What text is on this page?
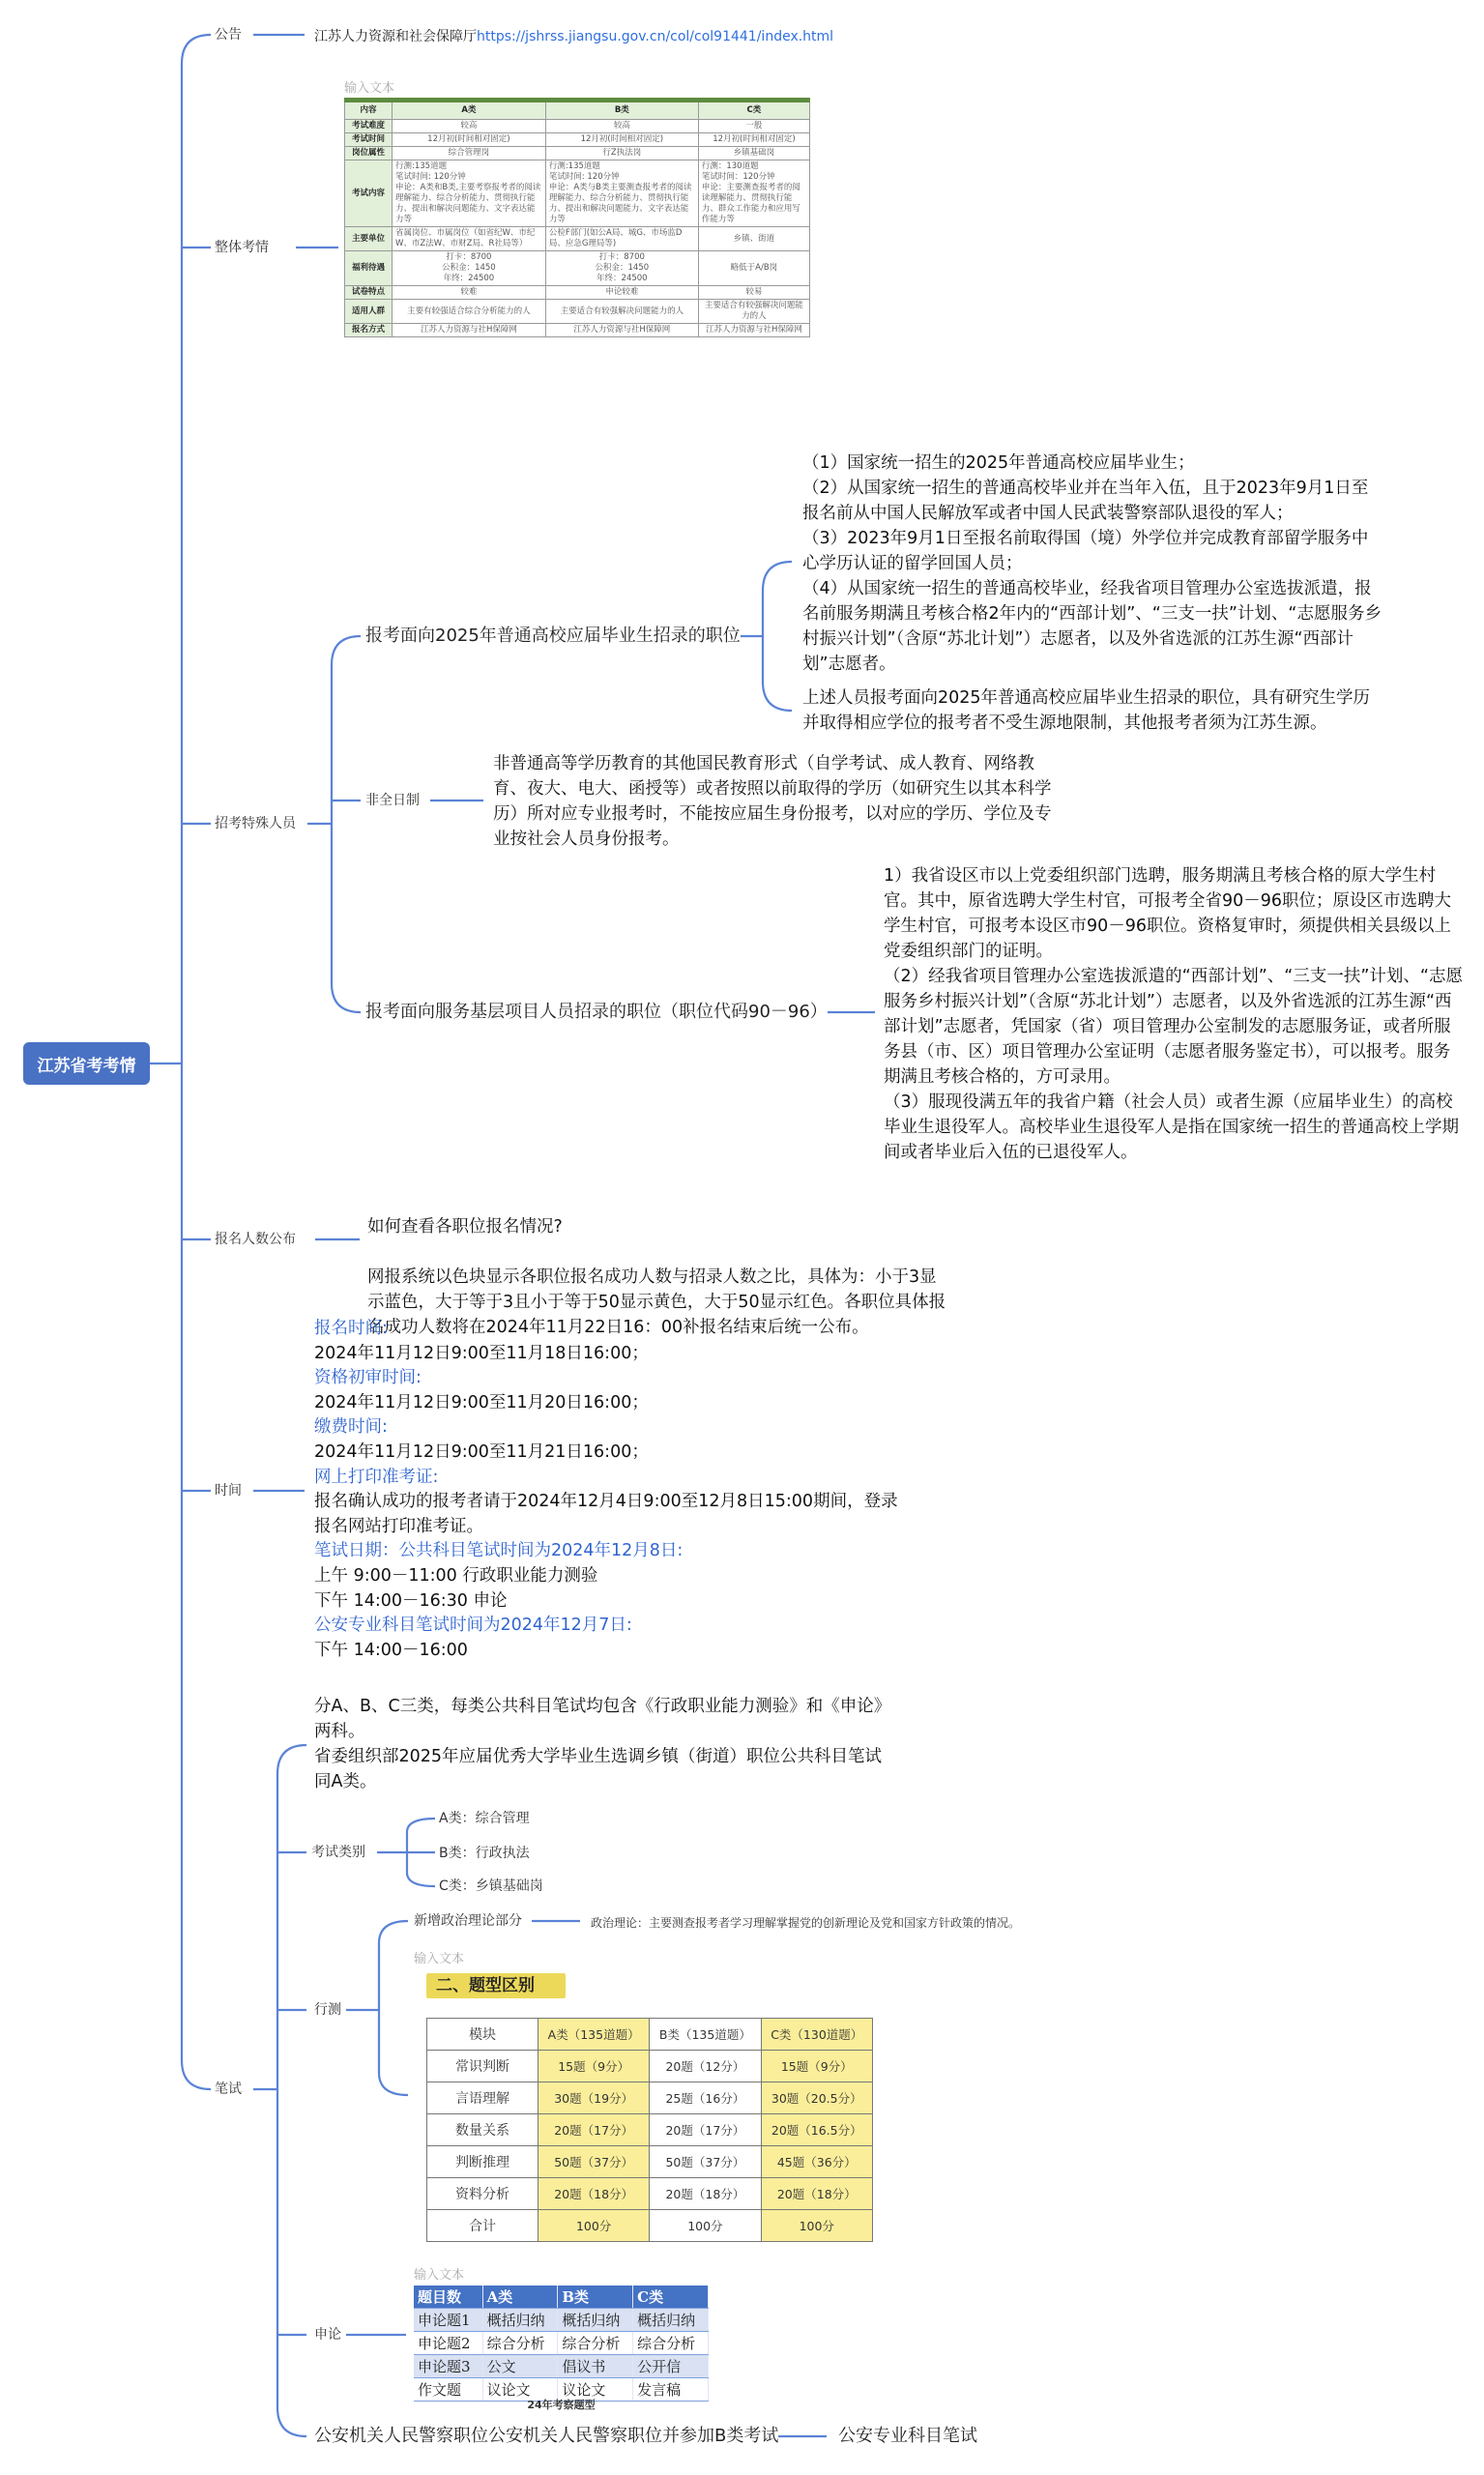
江苏省考考情
公告	江苏人力资源和社会保障厅https://jshrss.jiangsu.gov.cn/col/col91441/index.html
整体考情
输入文本
内容	A类	B类	C类
考试难度	较高	较高	一般
考试时间	12月初(时间相对固定)	12月初(时间相对固定)	12月初(时间相对固定)
岗位属性	综合管理岗	行Z执法岗	乡镇基础岗
考试内容	行测:135道题
笔试时间: 120分钟
申论：A类和B类,主要考察报考者的阅读理解能力、综合分析能力、贯彻执行能力、提出和解决问题能力、文字表达能力等	行测:135道题
笔试时间: 120分钟
申论：A类与B类主要测查报考者的阅读理解能力、综合分析能力、贯彻执行能力、提出和解决问题能力、文字表达能力等	行测：130道题
笔试时间：120分钟
申论：主要测查报考者的阅读理解能力、贯彻执行能力、群众工作能力和应用写作能力等
主要单位	省属岗位、市属岗位（如省纪W、市纪W、市Z法W、市财Z局、R社局等）	公检F部门(如公A局、城G、市场监D局、应急G理局等)	乡镇、街道
福利待遇	打卡：8700
公积金：1450
年终：24500	打卡：8700
公积金：1450
年终：24500	略低于A/B岗
试卷特点	较难	申论较难	较易
适用人群	主要有较强适合综合分析能力的人	主要适合有较强解决问题能力的人	主要适合有较强解决问题能力的人
报名方式	江苏人力资源与社H保障网	江苏人力资源与社H保障网	江苏人力资源与社H保障网
招考特殊人员
报考面向2025年普通高校应届毕业生招录的职位
（1）国家统一招生的2025年普通高校应届毕业生；
（2）从国家统一招生的普通高校毕业并在当年入伍，且于2023年9月1日至报名前从中国人民解放军或者中国人民武装警察部队退役的军人；
（3）2023年9月1日至报名前取得国（境）外学位并完成教育部留学服务中心学历认证的留学回国人员；
（4）从国家统一招生的普通高校毕业，经我省项目管理办公室选拔派遣，报名前服务期满且考核合格2年内的“西部计划”、“三支一扶”计划、“志愿服务乡村振兴计划”（含原“苏北计划”）志愿者，以及外省选派的江苏生源“西部计划”志愿者。
上述人员报考面向2025年普通高校应届毕业生招录的职位，具有研究生学历并取得相应学位的报考者不受生源地限制，其他报考者须为江苏生源。
非全日制
非普通高等学历教育的其他国民教育形式（自学考试、成人教育、网络教育、夜大、电大、函授等）或者按照以前取得的学历（如研究生以其本科学历）所对应专业报考时，不能按应届生身份报考，以对应的学历、学位及专业按社会人员身份报考。
报考面向服务基层项目人员招录的职位（职位代码90－96）
1）我省设区市以上党委组织部门选聘，服务期满且考核合格的原大学生村官。其中，原省选聘大学生村官，可报考全省90－96职位；原设区市选聘大学生村官，可报考本设区市90－96职位。资格复审时，须提供相关县级以上党委组织部门的证明。
（2）经我省项目管理办公室选拔派遣的“西部计划”、“三支一扶”计划、“志愿服务乡村振兴计划”（含原“苏北计划”）志愿者，以及外省选派的江苏生源“西部计划”志愿者，凭国家（省）项目管理办公室制发的志愿服务证，或者所服务县（市、区）项目管理办公室证明（志愿者服务鉴定书），可以报考。服务期满且考核合格的，方可录用。
（3）服现役满五年的我省户籍（社会人员）或者生源（应届毕业生）的高校毕业生退役军人。高校毕业生退役军人是指在国家统一招生的普通高校上学期间或者毕业后入伍的已退役军人。
报名人数公布

如何查看各职位报名情况?

网报系统以色块显示各职位报名成功人数与招录人数之比，具体为：小于3显示蓝色，大于等于3且小于等于50显示黄色，大于50显示红色。各职位具体报名成功人数将在2024年11月22日16：00补报名结束后统一公布。

时间
报名时间:
2024年11月12日9:00至11月18日16:00；
资格初审时间:
2024年11月12日9:00至11月20日16:00；
缴费时间:
2024年11月12日9:00至11月21日16:00；
网上打印准考证:
报名确认成功的报考者请于2024年12月4日9:00至12月8日15:00期间，登录
报名网站打印准考证。
笔试日期：公共科目笔试时间为2024年12月8日:
上午 9:00－11:00 行政职业能力测验
下午 14:00－16:30 申论
公安专业科目笔试时间为2024年12月7日:
下午 14:00－16:00
笔试
分A、B、C三类，每类公共科目笔试均包含《行政职业能力测验》和《申论》两科。
省委组织部2025年应届优秀大学毕业生选调乡镇（街道）职位公共科目笔试同A类。
考试类别
A类：综合管理
B类：行政执法
C类：乡镇基础岗
行测
新增政治理论部分	政治理论：主要测查报考者学习理解掌握党的创新理论及党和国家方针政策的情况。
输入文本
二、题型区别
模块	A类（135道题）	B类（135道题）	C类（130道题）
常识判断	15题（9分）	20题（12分）	15题（9分）
言语理解	30题（19分）	25题（16分）	30题（20.5分）
数量关系	20题（17分）	20题（17分）	20题（16.5分）
判断推理	50题（37分）	50题（37分）	45题（36分）
资料分析	20题（18分）	20题（18分）	20题（18分）
合计	100分	100分	100分
申论
输入文本
题目数	A类	B类	C类
申论题1	概括归纳	概括归纳	概括归纳
申论题2	综合分析	综合分析	综合分析
申论题3	公文	倡议书	公开信
作文题	议论文	议论文	发言稿
24年考察题型
公安机关人民警察职位公安机关人民警察职位并参加B类考试	公安专业科目笔试
